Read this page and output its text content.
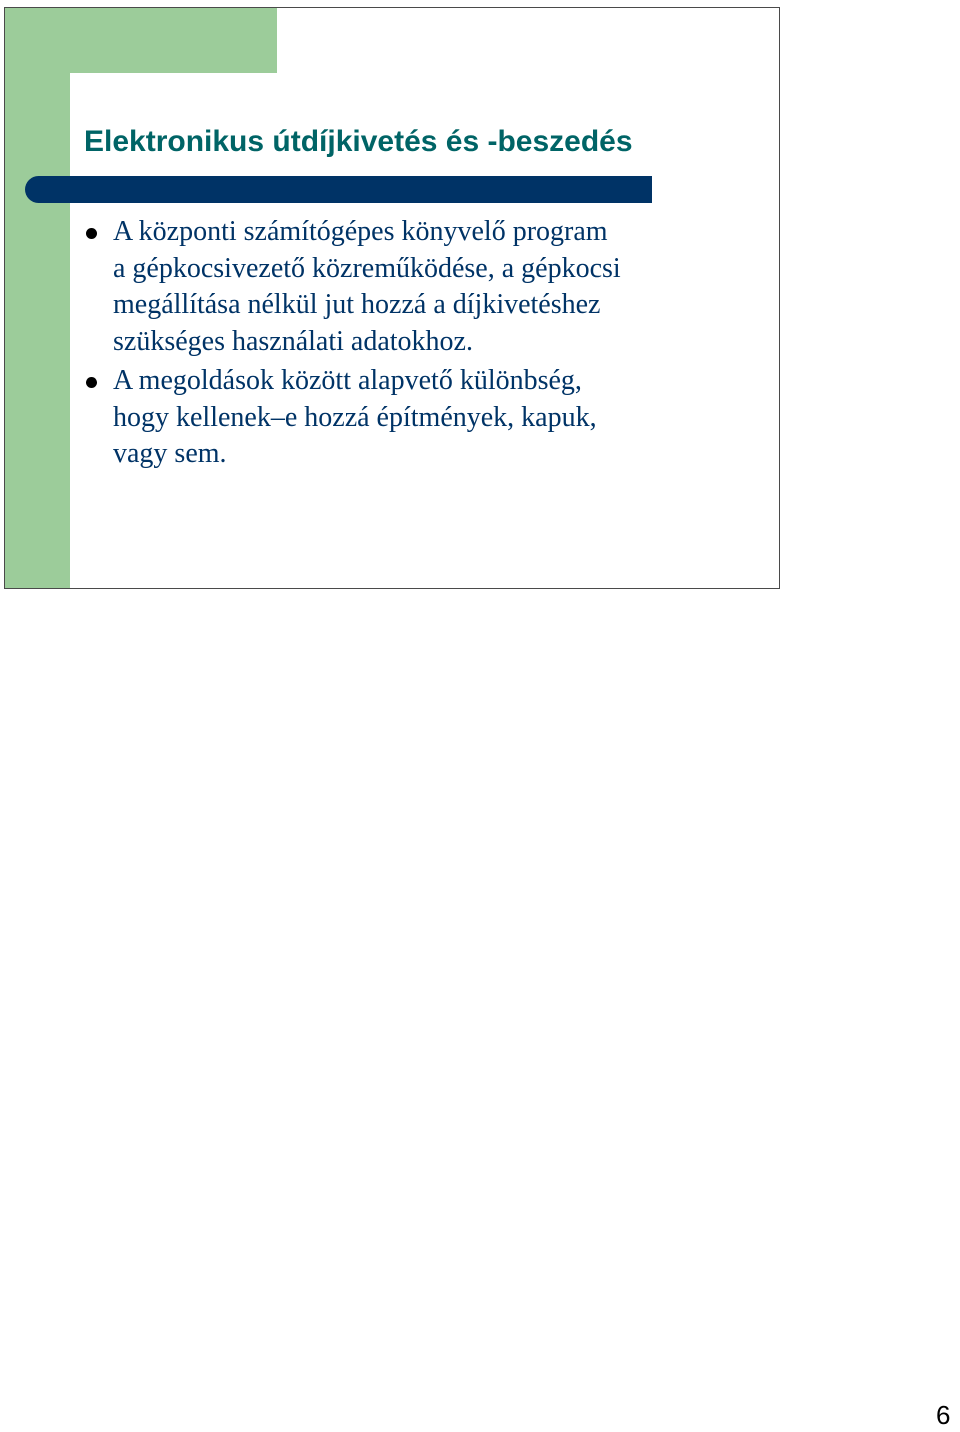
Elektronikus útdíjkivetés és -beszedés
A központi számítógépes könyvelő program
a gépkocsivezető közreműködése, a gépkocsi
megállítása nélkül jut hozzá a díjkivetéshez
szükséges használati adatokhoz.
A megoldások között alapvető különbség,
hogy kellenek–e hozzá építmények, kapuk,
vagy sem.
6
